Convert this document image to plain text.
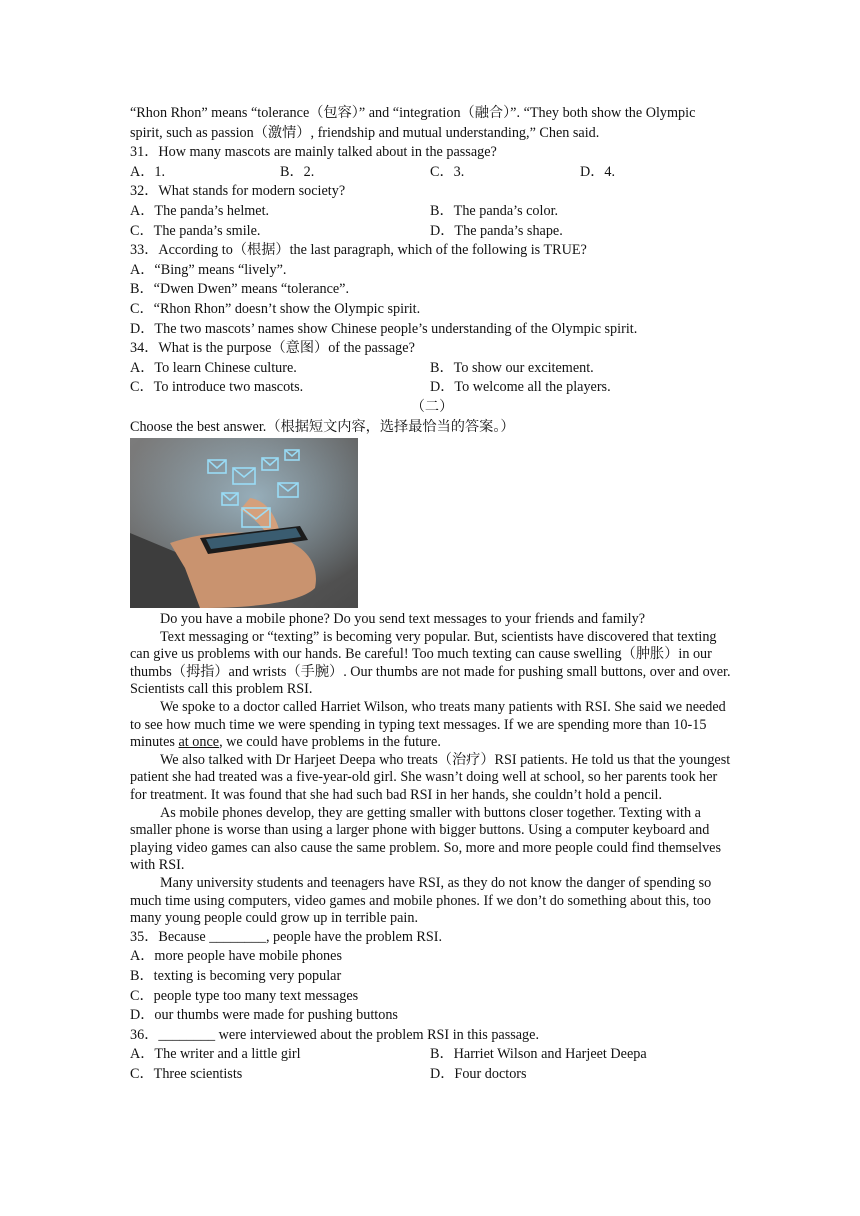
“Rhon Rhon” means “tolerance（包容）” and “integration（融合）”. “They both show the Olympic
spirit, such as passion（激情）, friendship and mutual understanding,” Chen said.
31．How many mascots are mainly talked about in the passage?
A．1.	B．2.	C．3.	D．4.
32．What stands for modern society?
A．The panda’s helmet.	B．The panda’s color.
C．The panda’s smile.	D．The panda’s shape.
33．According to（根据）the last paragraph, which of the following is TRUE?
A．“Bing” means “lively”.
B．“Dwen Dwen” means “tolerance”.
C．“Rhon Rhon” doesn’t show the Olympic spirit.
D．The two mascots’ names show Chinese people’s understanding of the Olympic spirit.
34．What is the purpose（意图）of the passage?
A．To learn Chinese culture.	B．To show our excitement.
C．To introduce two mascots.	D．To welcome all the players.
（二）
Choose the best answer.（根据短文内容，选择最恰当的答案。）

Do you have a mobile phone? Do you send text messages to your friends and family?

Text messaging or “texting” is becoming very popular. But, scientists have discovered that texting can give us problems with our hands. Be careful! Too much texting can cause swelling（肿胀）in our thumbs（拇指）and wrists（手腕）. Our thumbs are not made for pushing small buttons, over and over. Scientists call this problem RSI.

We spoke to a doctor called Harriet Wilson, who treats many patients with RSI. She said we needed to see how much time we were spending in typing text messages. If we are spending more than 10-15 minutes at once, we could have problems in the future.

We also talked with Dr Harjeet Deepa who treats（治疗）RSI patients. He told us that the youngest patient she had treated was a five-year-old girl. She wasn’t doing well at school, so her parents took her for treatment. It was found that she had such bad RSI in her hands, she couldn’t hold a pencil.

As mobile phones develop, they are getting smaller with buttons closer together. Texting with a smaller phone is worse than using a larger phone with bigger buttons. Using a computer keyboard and playing video games can also cause the same problem. So, more and more people could find themselves with RSI.

Many university students and teenagers have RSI, as they do not know the danger of spending so much time using computers, video games and mobile phones. If we don’t do something about this, too many young people could grow up in terrible pain.

35．Because ________, people have the problem RSI.
A．more people have mobile phones
B．texting is becoming very popular
C．people type too many text messages
D．our thumbs were made for pushing buttons
36．________ were interviewed about the problem RSI in this passage.
A．The writer and a little girl	B．Harriet Wilson and Harjeet Deepa
C．Three scientists	D．Four doctors
